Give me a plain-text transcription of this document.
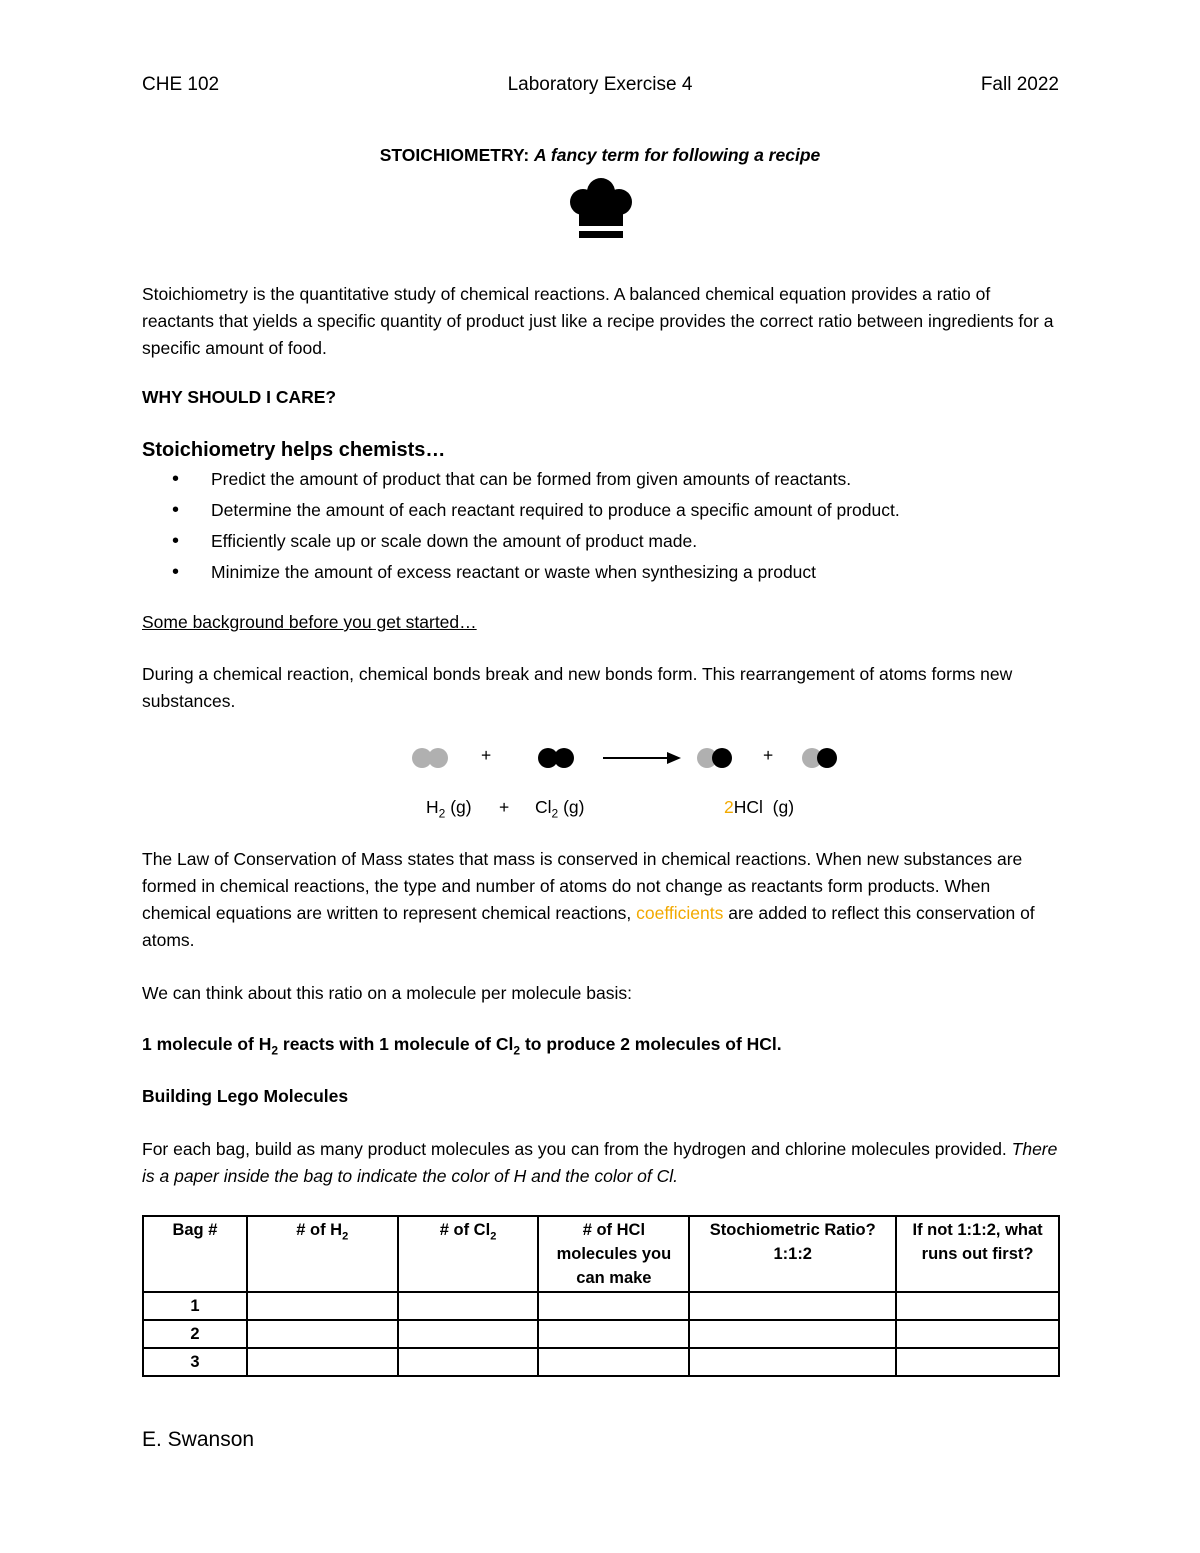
CHE 102	Laboratory Exercise 4	Fall 2022
STOICHIOMETRY: A fancy term for following a recipe
Stoichiometry is the quantitative study of chemical reactions. A balanced chemical equation provides a ratio of reactants that yields a specific quantity of product just like a recipe provides the correct ratio between ingredients for a specific amount of food.
WHY SHOULD I CARE?
Stoichiometry helps chemists…
• Predict the amount of product that can be formed from given amounts of reactants.
• Determine the amount of each reactant required to produce a specific amount of product.
• Efficiently scale up or scale down the amount of product made.
• Minimize the amount of excess reactant or waste when synthesizing a product
Some background before you get started…
During a chemical reaction, chemical bonds break and new bonds form. This rearrangement of atoms forms new substances.
+	+
$H_2$ $(g) + Cl_2$ (g)	2HCl (g)
The Law of Conservation of Mass states that mass is conserved in chemical reactions. When new substances are formed in chemical reactions, the type and number of atoms do not change as reactants form products. When chemical equations are written to represent chemical reactions, coefficients are added to reflect this conservation of atoms.
We can think about this ratio on a molecule per molecule basis:
1 molecule of $H_2$ reacts with 1 molecule of $Cl_2$ to produce 2 molecules of HCl.
Building Lego Molecules
For each bag, build as many product molecules as you can from the hydrogen and chlorine molecules provided. There is a paper inside the bag to indicate the color of H and the color of Cl.
Bag #	# of $H_2$	# of $Cl_2$	# of HCl molecules you can make	Stochiometric Ratio? 1:1:2	If not 1:1:2, what runs out first?
1					
2					
3					
E. Swanson
